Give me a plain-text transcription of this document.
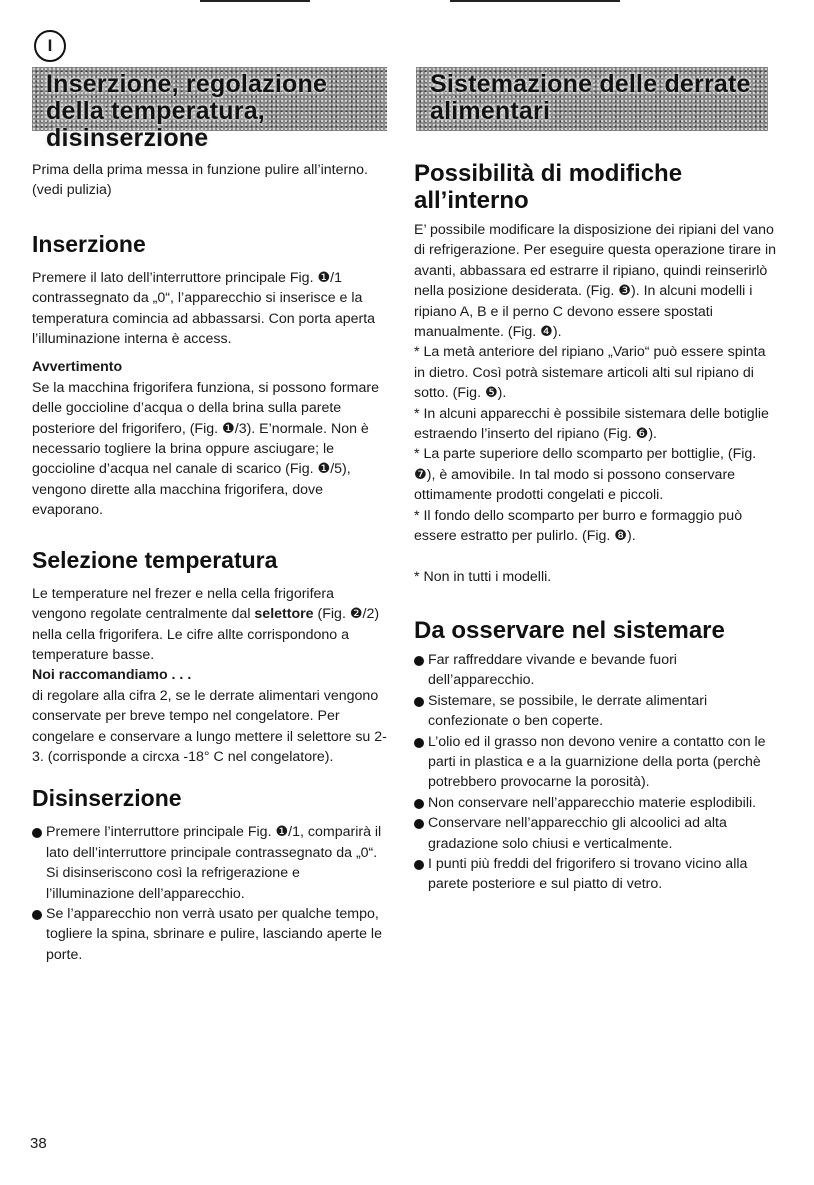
I
Inserzione, regolazione della temperatura, disinserzione
Sistemazione delle derrate alimentari

Prima della prima messa in funzione pulire all’interno.

(vedi pulizia)

Inserzione

Premere il lato dell’interruttore principale Fig. ❶/1 contrassegnato da „0“, l’apparecchio si inserisce e la temperatura comincia ad abbassarsi. Con porta aperta l’illuminazione interna è access.

Avvertimento

Se la macchina frigorifera funziona, si possono formare delle goccioline d’acqua o della brina sulla parete posteriore del frigorifero, (Fig. ❶/3). E’normale. Non è necessario togliere la brina oppure asciugare; le goccioline d’acqua nel canale di scarico (Fig. ❶/5), vengono dirette alla macchina frigorifera, dove evaporano.

Selezione temperatura

Le temperature nel frezer e nella cella frigorifera vengono regolate centralmente dal selettore (Fig. ❷/2) nella cella frigorifera. Le cifre allte corrispondono a temperature basse.

Noi raccomandiamo . . .

di regolare alla cifra 2, se le derrate alimentari vengono conservate per breve tempo nel congelatore. Per congelare e conservare a lungo mettere il selettore su 2-3. (corrisponde a circxa -18° C nel congelatore).

Disinserzione
Premere l’interruttore principale Fig. ❶/1, comparirà il lato dell’interruttore principale contrassegnato da „0“. Si disinseriscono così la refrigerazione e l’illuminazione dell’apparecchio.
Se l’apparecchio non verrà usato per qualche tempo, togliere la spina, sbrinare e pulire, lasciando aperte le porte.
Possibilità di modifiche all’interno

E’ possibile modificare la disposizione dei ripiani del vano di refrigerazione. Per eseguire questa operazione tirare in avanti, abbassara ed estrarre il ripiano, quindi reinserirlò nella posizione desiderata. (Fig. ❸). In alcuni modelli i ripiano A, B e il perno C devono essere spostati manualmente. (Fig. ❹).

* La metà anteriore del ripiano „Vario“ può essere spinta in dietro. Così potrà sistemare articoli alti sul ripiano di sotto. (Fig. ❺).

* In alcuni apparecchi è possibile sistemara delle botiglie estraendo l’inserto del ripiano (Fig. ❻).

* La parte superiore dello scomparto per bottiglie, (Fig. ❼), è amovibile. In tal modo si possono conservare ottimamente prodotti congelati e piccoli.

* Il fondo dello scomparto per burro e formaggio può essere estratto per pulirlo. (Fig. ❽).

* Non in tutti i modelli.

Da osservare nel sistemare
Far raffreddare vivande e bevande fuori dell’apparecchio.
Sistemare, se possibile, le derrate alimentari confezionate o ben coperte.
L’olio ed il grasso non devono venire a contatto con le parti in plastica e a la guarnizione della porta (perchè potrebbero provocarne la porosità).
Non conservare nell’apparecchio materie esplodibili.
Conservare nell’apparecchio gli alcoolici ad alta gradazione solo chiusi e verticalmente.
I punti più freddi del frigorifero si trovano vicino alla parete posteriore e sul piatto di vetro.
38
